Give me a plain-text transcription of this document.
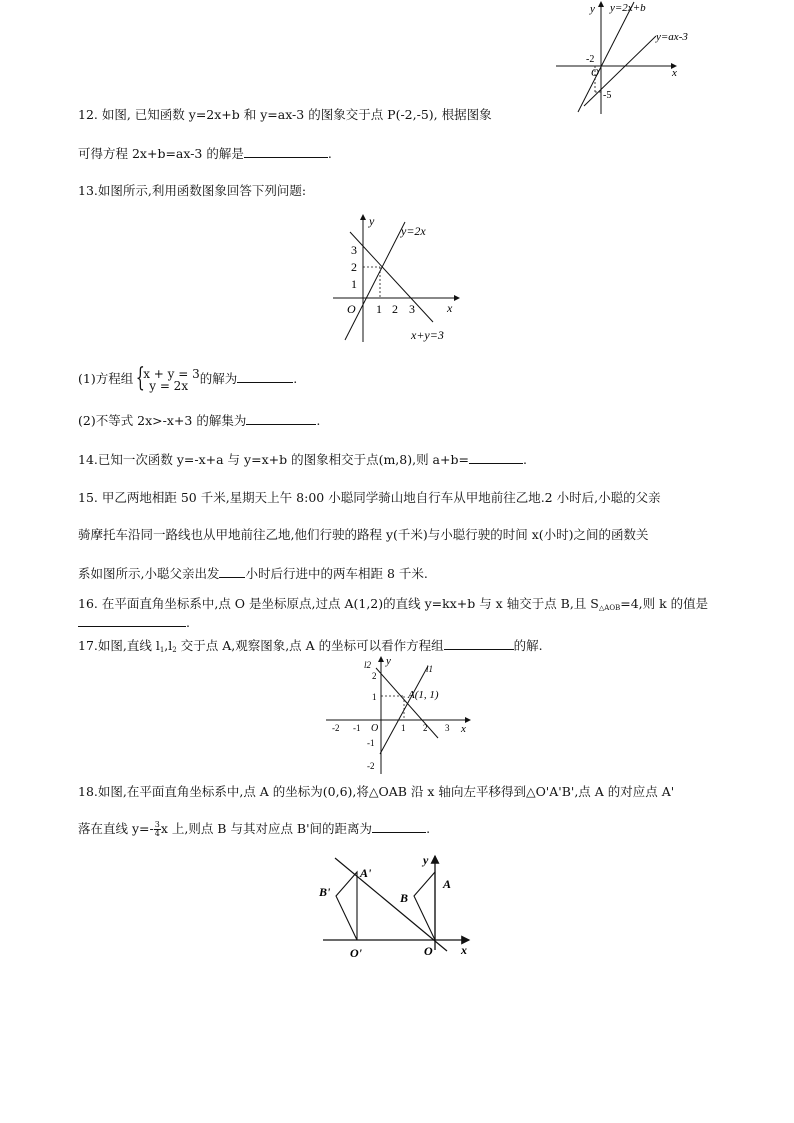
y y=2x+b
y=ax-3
x
O
-2
-5
12. 如图, 已知函数 y=2x+b 和 y=ax-3 的图象交于点 P(-2,-5), 根据图象
可得方程 2x+b=ax-3 的解是	.
13.如图所示,利用函数图象回答下列问题:
y
y=2x
3
2
1
1 2 3
O	x
x+y=3
(1)方程组 {
x + y = 3
y = 2x 的解为	.
(2)不等式 2x>-x+3 的解集为	.
14.已知一次函数 y=-x+a 与 y=x+b 的图象相交于点(m,8),则 a+b=	.
15. 甲乙两地相距 50 千米,星期天上午 8:00 小聪同学骑山地自行车从甲地前往乙地.2 小时后,小聪的父亲
骑摩托车沿同一路线也从甲地前往乙地,他们行驶的路程 y(千米)与小聪行驶的时间 x(小时)之间的函数关
系如图所示,小聪父亲出发 小时后行进中的两车相距 8 千米.
16. 在平面直角坐标系中,点 O 是坐标原点,过点 A(1,2)的直线 y=kx+b 与 x 轴交于点 B,且 $S_{\triangle AOB}=4$,则 k 的值是
.
17.如图,直线 $l_1,l_2$ 交于点 A,观察图象,点 A 的坐标可以看作方程组	的解.
l2 y
l1
2
1	A(1, 1)
-2 -1 O	1 2 3 x
-1
-2
18.如图,在平面直角坐标系中,点 A 的坐标为(0,6),将△OAB 沿 x 轴向左平移得到△O'A'B',点 A 的对应点 A'
落在直线 $y=- \frac{3}{4}$ x 上,则点 B 与其对应点 B'间的距离为	.
y
A'
A
B'	B
O'	O x
